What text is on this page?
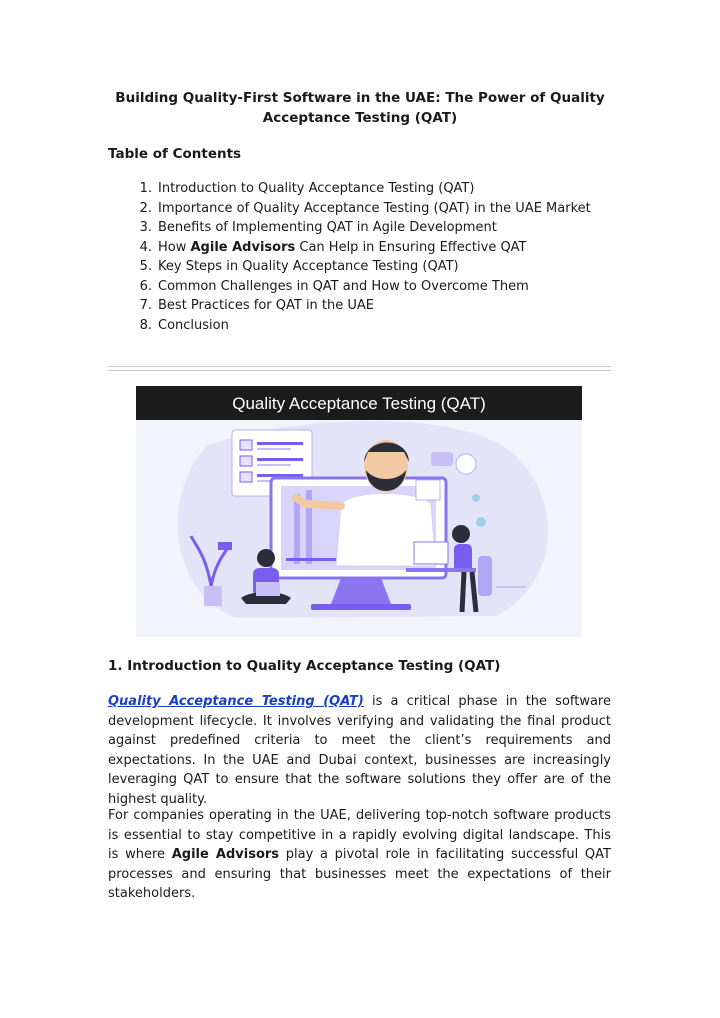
Building Quality-First Software in the UAE: The Power of Quality Acceptance Testing (QAT)
Table of Contents
1. Introduction to Quality Acceptance Testing (QAT)
2. Importance of Quality Acceptance Testing (QAT) in the UAE Market
3. Benefits of Implementing QAT in Agile Development
4. How Agile Advisors Can Help in Ensuring Effective QAT
5. Key Steps in Quality Acceptance Testing (QAT)
6. Common Challenges in QAT and How to Overcome Them
7. Best Practices for QAT in the UAE
8. Conclusion
Quality Acceptance Testing (QAT)
1. Introduction to Quality Acceptance Testing (QAT)

Quality Acceptance Testing (QAT) is a critical phase in the software development lifecycle. It involves verifying and validating the final product against predefined criteria to meet the client’s requirements and expectations. In the UAE and Dubai context, businesses are increasingly leveraging QAT to ensure that the software solutions they offer are of the highest quality.

For companies operating in the UAE, delivering top-notch software products is essential to stay competitive in a rapidly evolving digital landscape. This is where Agile Advisors play a pivotal role in facilitating successful QAT processes and ensuring that businesses meet the expectations of their stakeholders.
